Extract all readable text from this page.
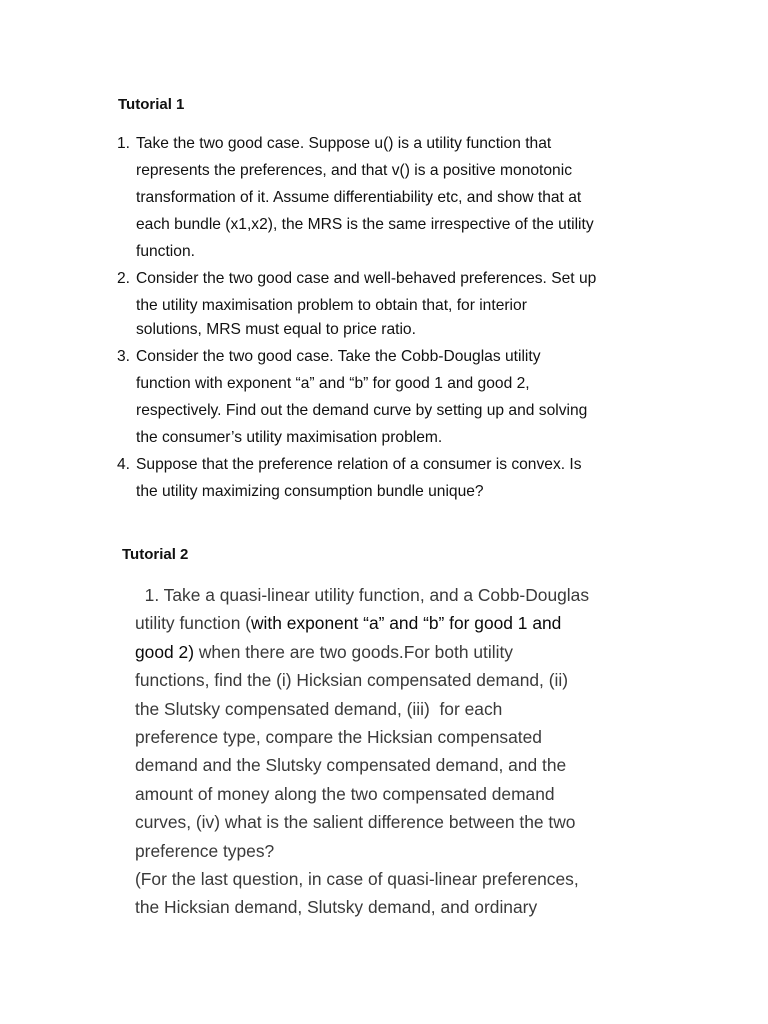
Tutorial 1
1. Take the two good case. Suppose u() is a utility function that
represents the preferences, and that v() is a positive monotonic
transformation of it. Assume differentiability etc, and show that at
each bundle (x1,x2), the MRS is the same irrespective of the utility
function.
2. Consider the two good case and well-behaved preferences. Set up
the utility maximisation problem to obtain that, for interior
solutions, MRS must equal to price ratio.
3. Consider the two good case. Take the Cobb-Douglas utility
function with exponent “a” and “b” for good 1 and good 2,
respectively. Find out the demand curve by setting up and solving
the consumer’s utility maximisation problem.
4. Suppose that the preference relation of a consumer is convex. Is
the utility maximizing consumption bundle unique?
Tutorial 2
1. Take a quasi-linear utility function, and a Cobb-Douglas
utility function (with exponent “a” and “b” for good 1 and
good 2) when there are two goods.For both utility
functions, find the (i) Hicksian compensated demand, (ii)
the Slutsky compensated demand, (iii)  for each
preference type, compare the Hicksian compensated
demand and the Slutsky compensated demand, and the
amount of money along the two compensated demand
curves, (iv) what is the salient difference between the two
preference types?
(For the last question, in case of quasi-linear preferences,
the Hicksian demand, Slutsky demand, and ordinary
